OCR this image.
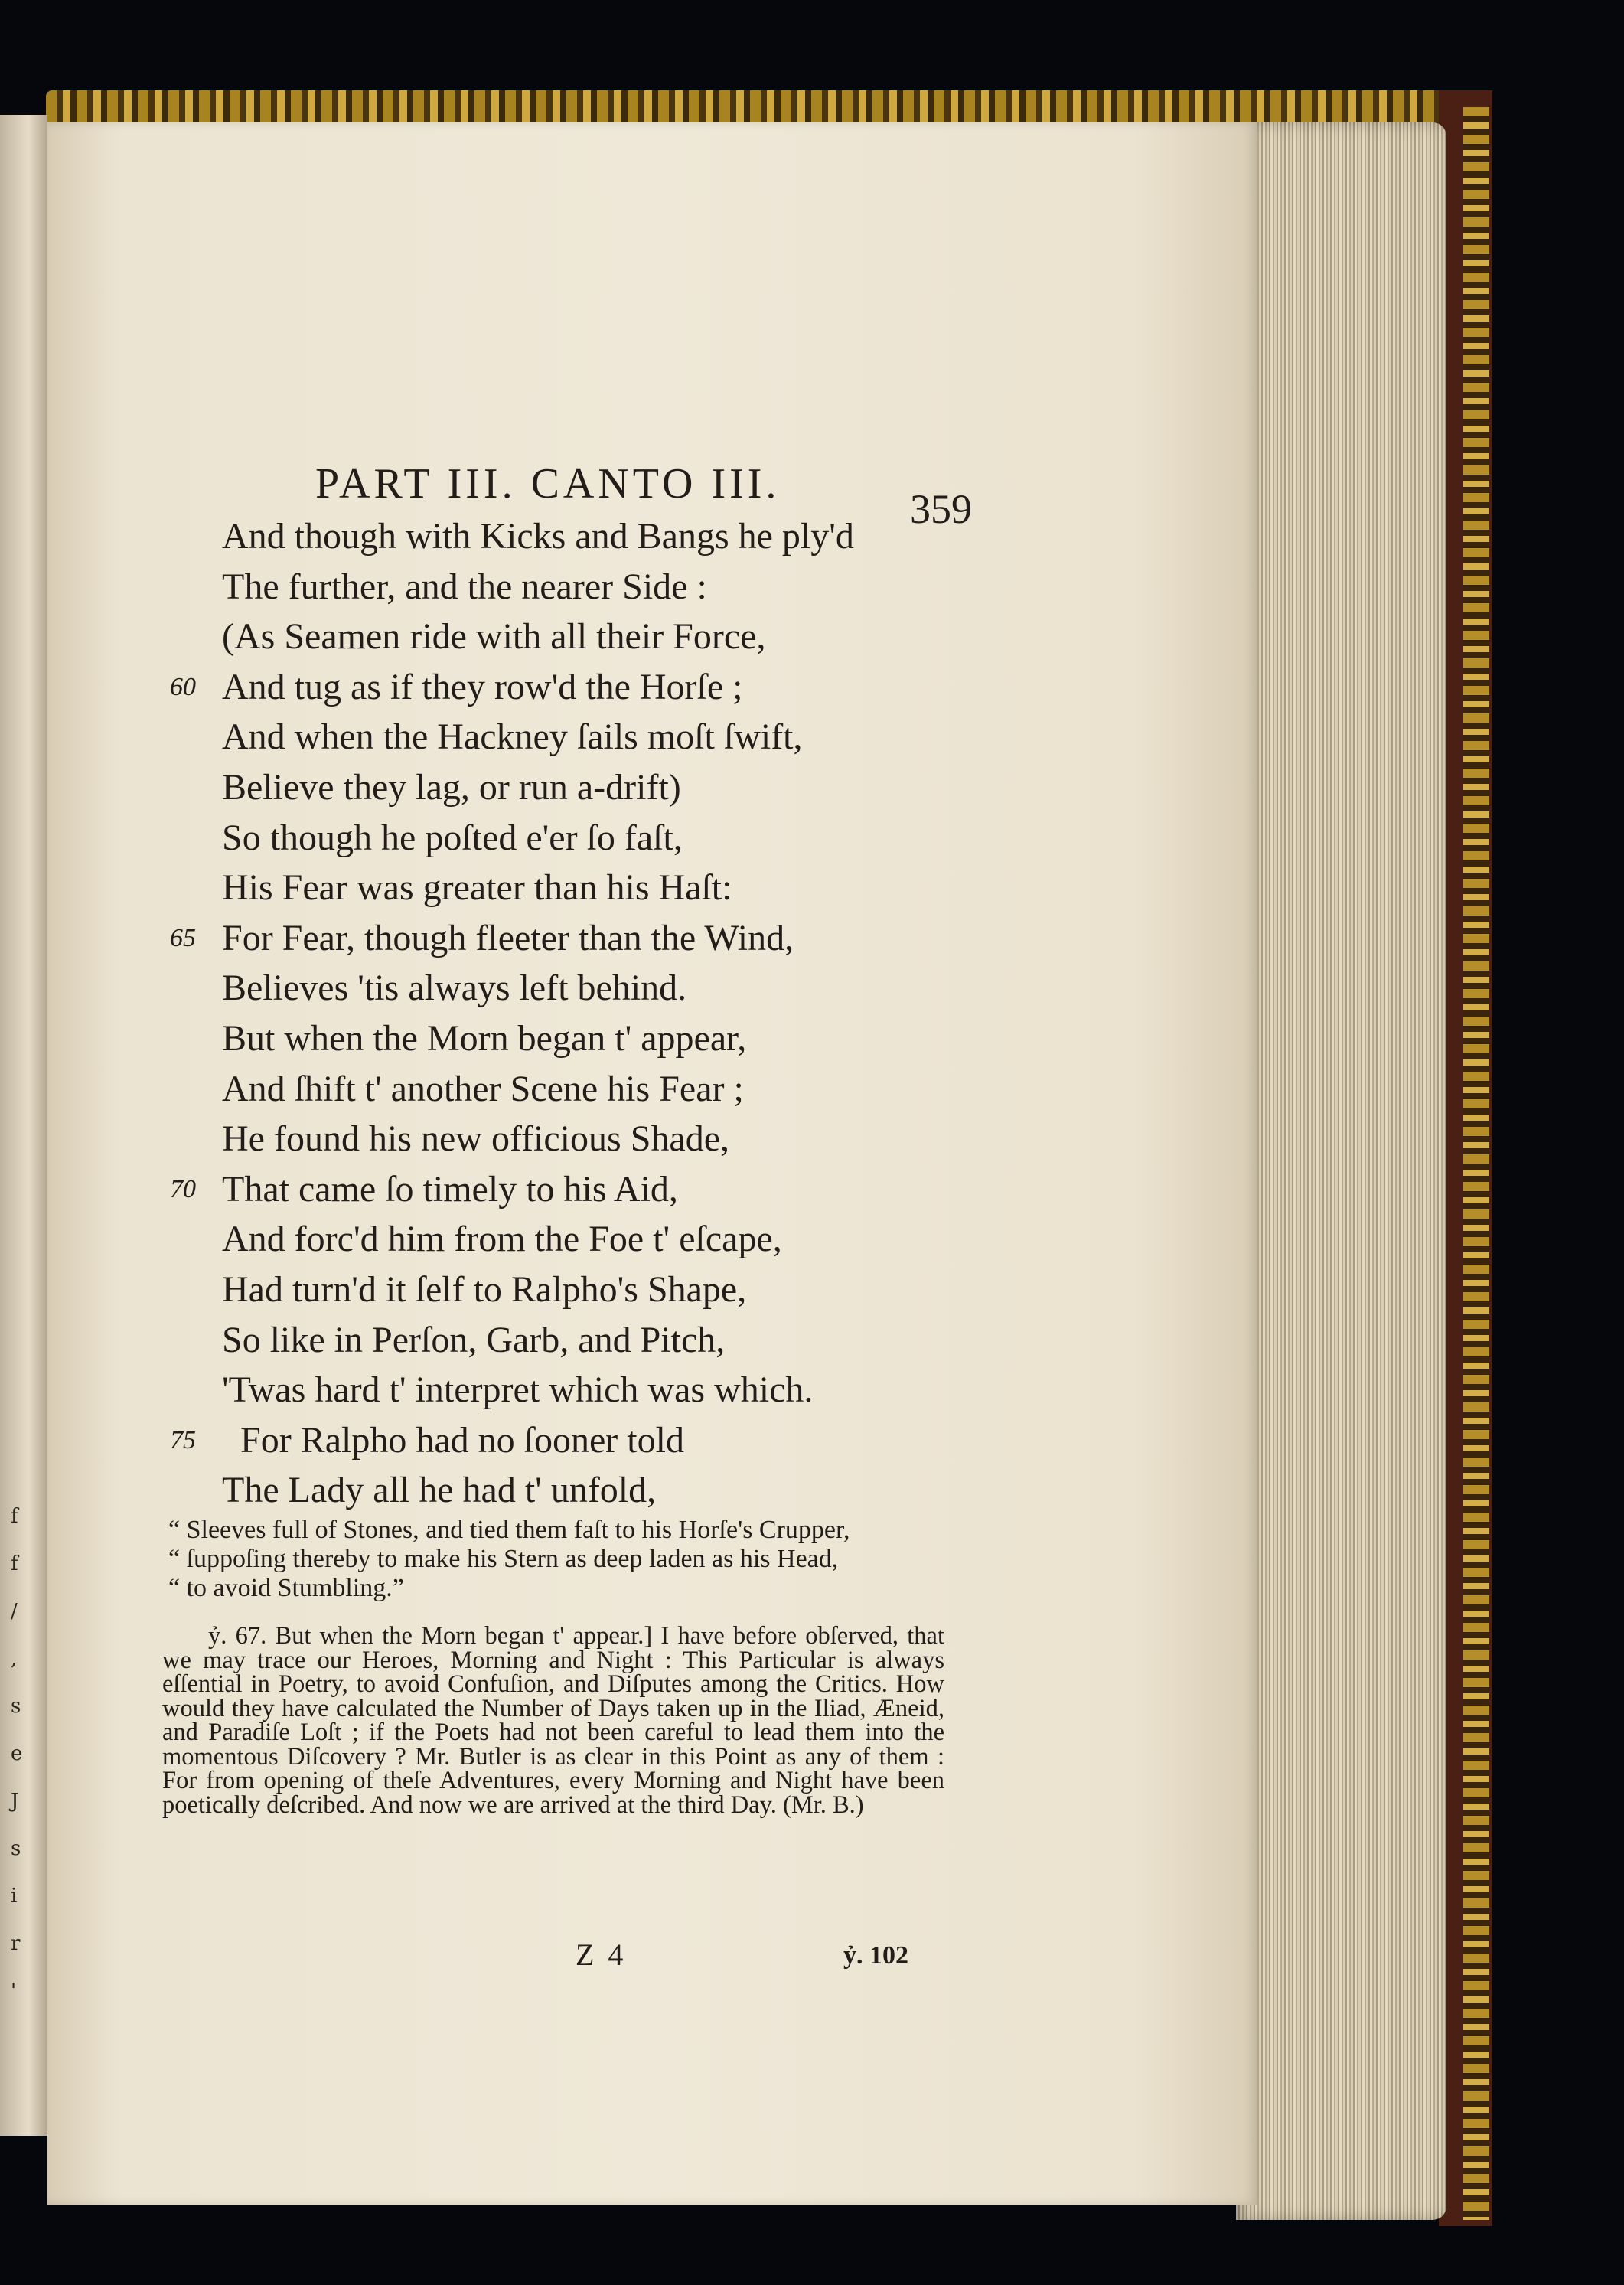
f
f
/
,
s
e
J
s
i
r
'
PART III. CANTO III.
359
And though with Kicks and Bangs he ply'd
The further, and the nearer Side :
(As Seamen ride with all their Force,
60 And tug as if they row'd the Horſe ;
And when the Hackney ſails moſt ſwift,
Believe they lag, or run a-drift)
So though he poſted e'er ſo faſt,
His Fear was greater than his Haſt:
65 For Fear, though fleeter than the Wind,
Believes 'tis always left behind.
But when the Morn began t' appear,
And ſhift t' another Scene his Fear ;
He found his new officious Shade,
70 That came ſo timely to his Aid,
And forc'd him from the Foe t' eſcape,
Had turn'd it ſelf to Ralpho's Shape,
So like in Perſon, Garb, and Pitch,
'Twas hard t' interpret which was which.
75	For Ralpho had no ſooner told
The Lady all he had t' unfold,
“ Sleeves full of Stones, and tied them faſt to his Horſe's Crupper,
“ ſuppoſing thereby to make his Stern as deep laden as his Head,
“ to avoid Stumbling.”
ỷ. 67. But when the Morn began t' appear.] I have before obſerved, that we may trace our Heroes, Morning and Night : This Particular is always eſſential in Poetry, to avoid Confuſion, and Diſputes among the Critics. How would they have calculated the Number of Days taken up in the Iliad, Æneid, and Paradiſe Loſt ; if the Poets had not been careful to lead them into the momentous Diſcovery ? Mr. Butler is as clear in this Point as any of them : For from opening of theſe Adventures, every Morning and Night have been poetically deſcribed. And now we are arrived at the third Day. (Mr. B.)
Z 4	ỷ. 102
